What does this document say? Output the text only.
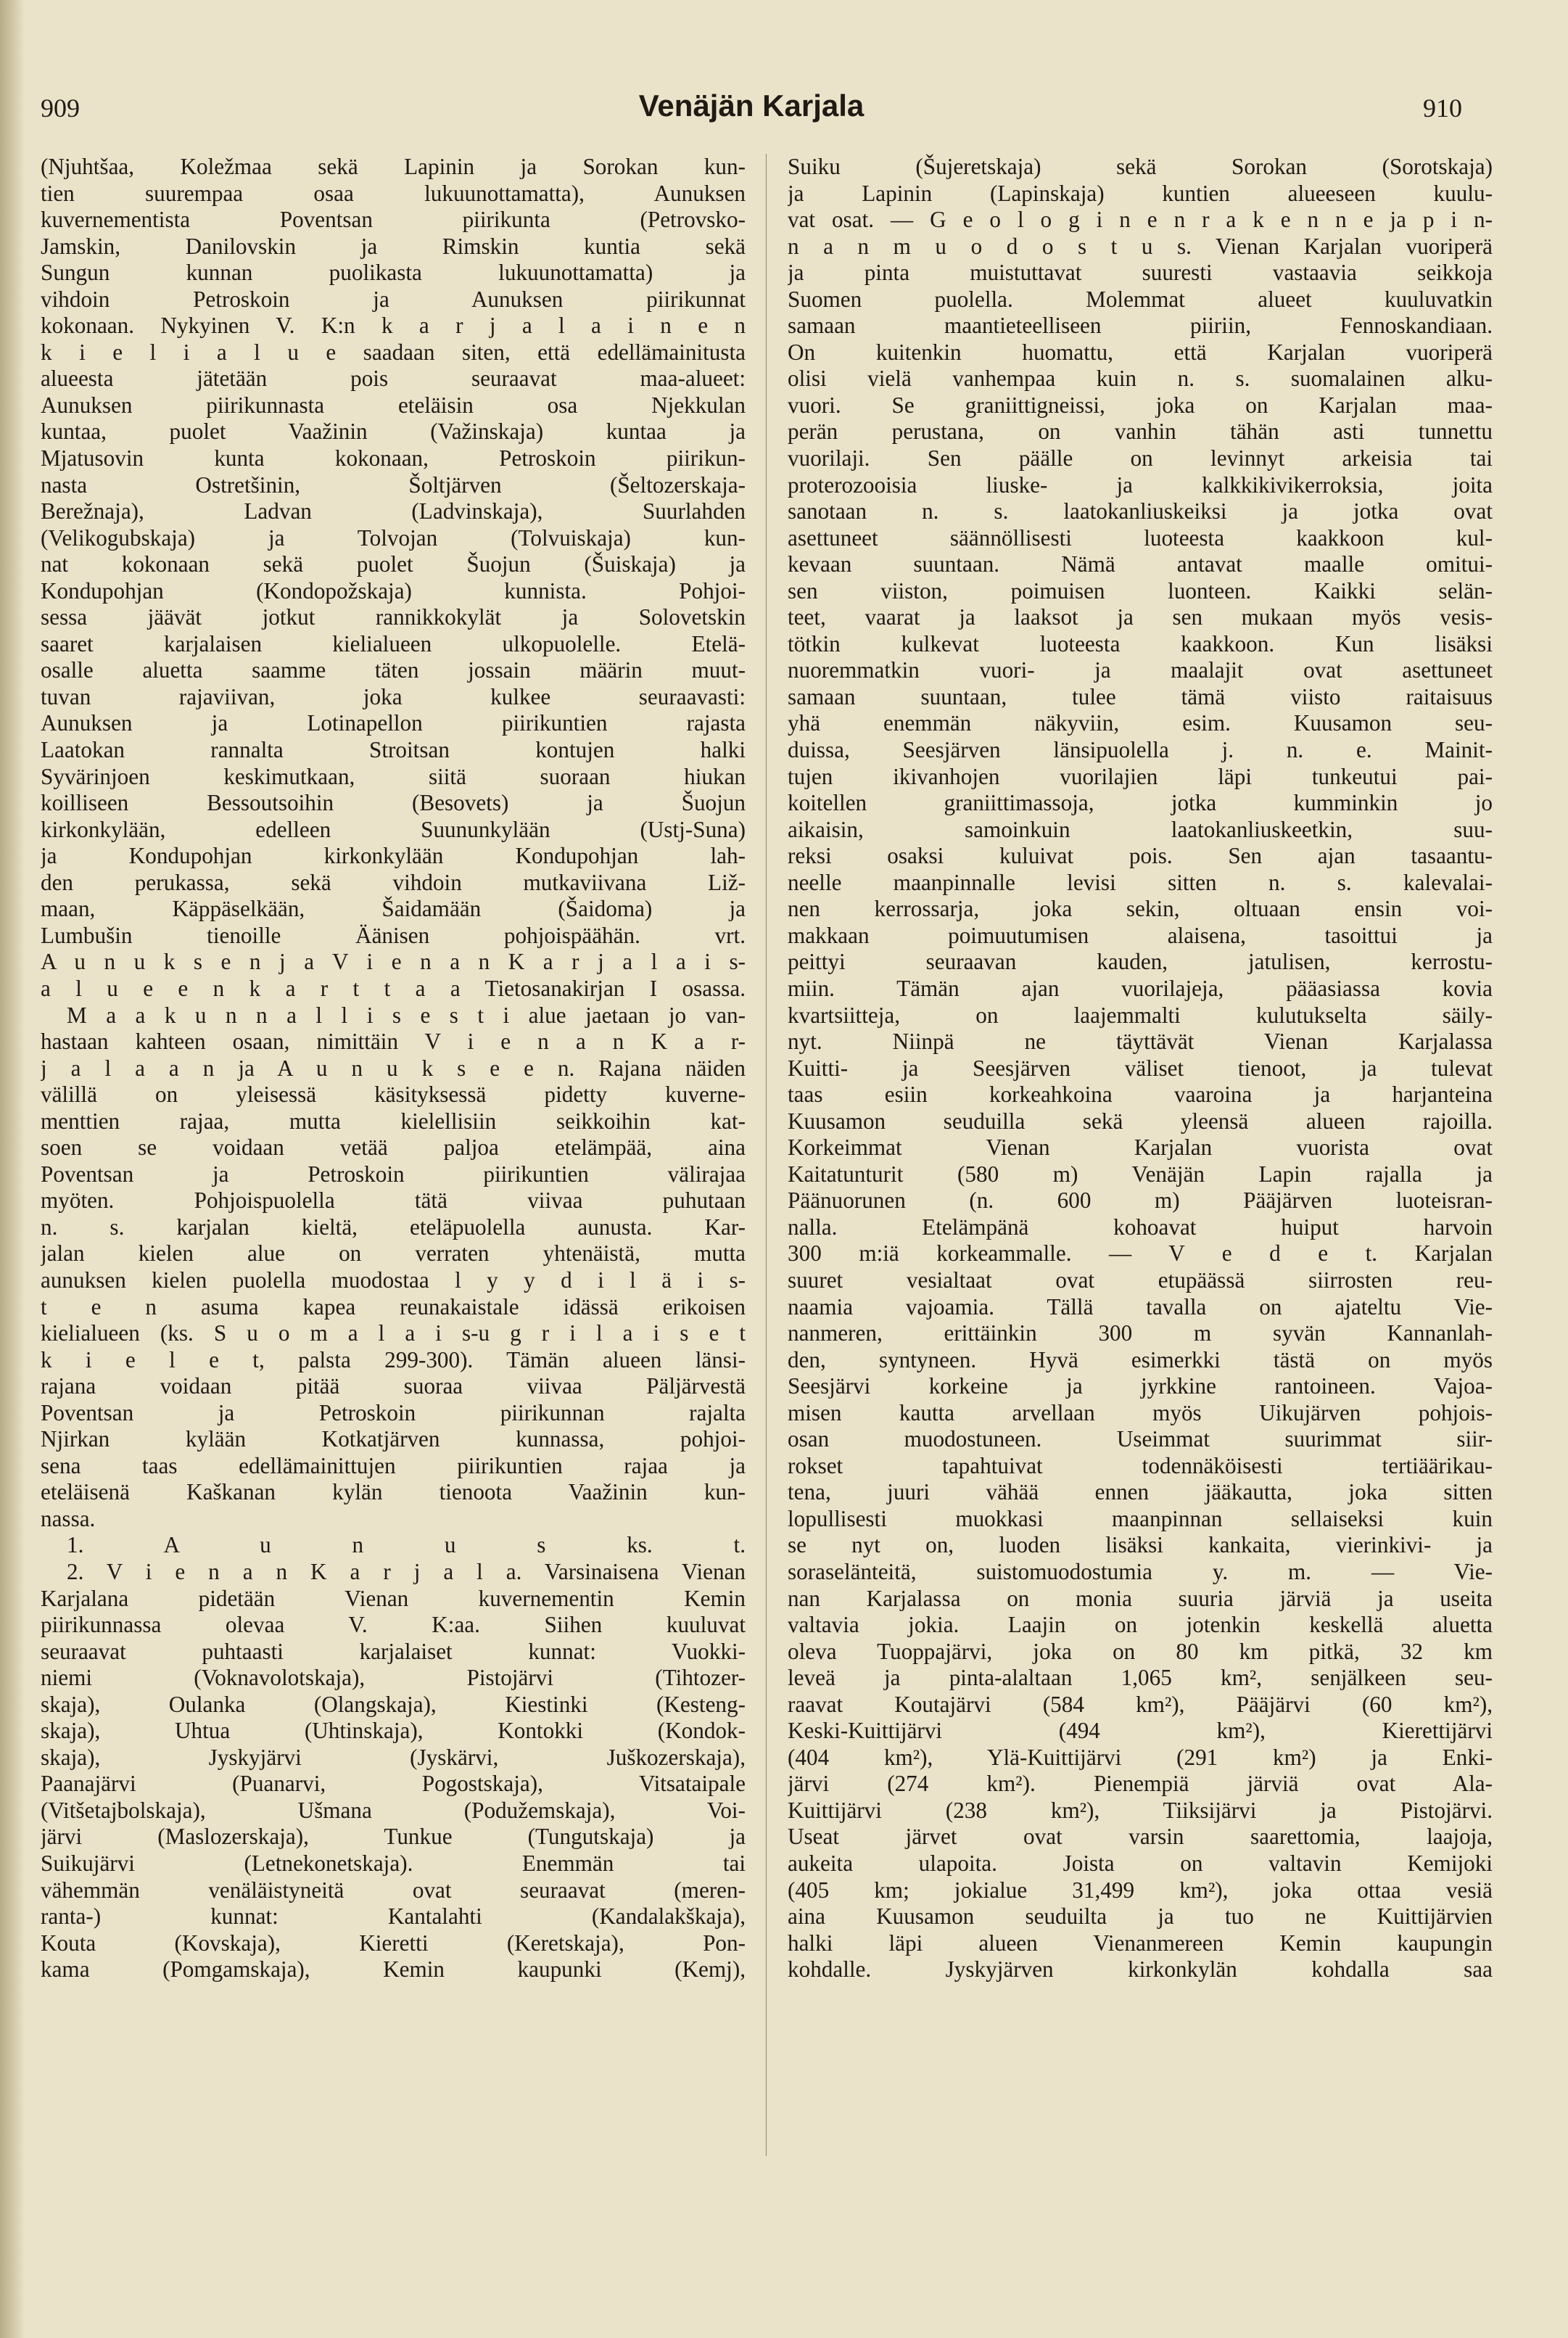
909	Venäjän Karjala	910
(Njuhtšaa, Koležmaa sekä Lapinin ja Sorokan kun-
tien suurempaa osaa lukuunottamatta), Aunuksen
kuvernementista Poventsan piirikunta (Petrovsko-
Jamskin, Danilovskin ja Rimskin kuntia sekä
Sungun kunnan puolikasta lukuunottamatta) ja
vihdoin Petroskoin ja Aunuksen piirikunnat
kokonaan. Nykyinen V. K:n k a r j a l a i n e n
k i e l i a l u e saadaan siten, että edellämainitusta
alueesta jätetään pois seuraavat maa-alueet:
Aunuksen piirikunnasta eteläisin osa Njekkulan
kuntaa, puolet Vaažinin (Važinskaja) kuntaa ja
Mjatusovin kunta kokonaan, Petroskoin piirikun-
nasta Ostretšinin, Šoltjärven (Šeltozerskaja-
Berežnaja), Ladvan (Ladvinskaja), Suurlahden
(Velikogubskaja) ja Tolvojan (Tolvuiskaja) kun-
nat kokonaan sekä puolet Šuojun (Šuiskaja) ja
Kondupohjan (Kondopožskaja) kunnista. Pohjoi-
sessa jäävät jotkut rannikkokylät ja Solovetskin
saaret karjalaisen kielialueen ulkopuolelle. Etelä-
osalle aluetta saamme täten jossain määrin muut-
tuvan rajaviivan, joka kulkee seuraavasti:
Aunuksen ja Lotinapellon piirikuntien rajasta
Laatokan rannalta Stroitsan kontujen halki
Syvärinjoen keskimutkaan, siitä suoraan hiukan
koilliseen Bessoutsoihin (Besovets) ja Šuojun
kirkonkylään, edelleen Suununkylään (Ustj-Suna)
ja Kondupohjan kirkonkylään Kondupohjan lah-
den perukassa, sekä vihdoin mutkaviivana Liž-
maan, Käppäselkään, Šaidamään (Šaidoma) ja
Lumbušin tienoille Äänisen pohjoispäähän. vrt.
A u n u k s e n j a V i e n a n K a r j a l a i s-
a l u e e n k a r t t a a Tietosanakirjan I osassa.
M a a k u n n a l l i s e s t i alue jaetaan jo van-
hastaan kahteen osaan, nimittäin V i e n a n K a r-
j a l a a n ja A u n u k s e e n. Rajana näiden
välillä on yleisessä käsityksessä pidetty kuverne-
menttien rajaa, mutta kielellisiin seikkoihin kat-
soen se voidaan vetää paljoa etelämpää, aina
Poventsan ja Petroskoin piirikuntien välirajaa
myöten. Pohjoispuolella tätä viivaa puhutaan
n. s. karjalan kieltä, eteläpuolella aunusta. Kar-
jalan kielen alue on verraten yhtenäistä, mutta
aunuksen kielen puolella muodostaa l y y d i l ä i s-
t e n asuma kapea reunakaistale idässä erikoisen
kielialueen (ks. S u o m a l a i s-u g r i l a i s e t
k i e l e t, palsta 299-300). Tämän alueen länsi-
rajana voidaan pitää suoraa viivaa Päljärvestä
Poventsan ja Petroskoin piirikunnan rajalta
Njirkan kylään Kotkatjärven kunnassa, pohjoi-
sena taas edellämainittujen piirikuntien rajaa ja
eteläisenä Kaškanan kylän tienoota Vaažinin kun-
nassa.
1. A u n u s ks. t.
2. V i e n a n K a r j a l a. Varsinaisena Vienan
Karjalana pidetään Vienan kuvernementin Kemin
piirikunnassa olevaa V. K:aa. Siihen kuuluvat
seuraavat puhtaasti karjalaiset kunnat: Vuokki-
niemi (Voknavolotskaja), Pistojärvi (Tihtozer-
skaja), Oulanka (Olangskaja), Kiestinki (Kesteng-
skaja), Uhtua (Uhtinskaja), Kontokki (Kondok-
skaja), Jyskyjärvi (Jyskärvi, Juškozerskaja),
Paanajärvi (Puanarvi, Pogostskaja), Vitsataipale
(Vitšetajbolskaja), Ušmana (Podužemskaja), Voi-
järvi (Maslozerskaja), Tunkue (Tungutskaja) ja
Suikujärvi (Letnekonetskaja). Enemmän tai
vähemmän venäläistyneitä ovat seuraavat (meren-
ranta-) kunnat: Kantalahti (Kandalakškaja),
Kouta (Kovskaja), Kieretti (Keretskaja), Pon-
kama (Pomgamskaja), Kemin kaupunki (Kemj),
Suiku (Šujeretskaja) sekä Sorokan (Sorotskaja)
ja Lapinin (Lapinskaja) kuntien alueeseen kuulu-
vat osat. — G e o l o g i n e n r a k e n n e ja p i n-
n a n m u o d o s t u s. Vienan Karjalan vuoriperä
ja pinta muistuttavat suuresti vastaavia seikkoja
Suomen puolella. Molemmat alueet kuuluvatkin
samaan maantieteelliseen piiriin, Fennoskandiaan.
On kuitenkin huomattu, että Karjalan vuoriperä
olisi vielä vanhempaa kuin n. s. suomalainen alku-
vuori. Se graniittigneissi, joka on Karjalan maa-
perän perustana, on vanhin tähän asti tunnettu
vuorilaji. Sen päälle on levinnyt arkeisia tai
proterozooisia liuske- ja kalkkikivikerroksia, joita
sanotaan n. s. laatokanliuskeiksi ja jotka ovat
asettuneet säännöllisesti luoteesta kaakkoon kul-
kevaan suuntaan. Nämä antavat maalle omitui-
sen viiston, poimuisen luonteen. Kaikki selän-
teet, vaarat ja laaksot ja sen mukaan myös vesis-
tötkin kulkevat luoteesta kaakkoon. Kun lisäksi
nuoremmatkin vuori- ja maalajit ovat asettuneet
samaan suuntaan, tulee tämä viisto raitaisuus
yhä enemmän näkyviin, esim. Kuusamon seu-
duissa, Seesjärven länsipuolella j. n. e. Mainit-
tujen ikivanhojen vuorilajien läpi tunkeutui pai-
koitellen graniittimassoja, jotka kumminkin jo
aikaisin, samoinkuin laatokanliuskeetkin, suu-
reksi osaksi kuluivat pois. Sen ajan tasaantu-
neelle maanpinnalle levisi sitten n. s. kalevalai-
nen kerrossarja, joka sekin, oltuaan ensin voi-
makkaan poimuutumisen alaisena, tasoittui ja
peittyi seuraavan kauden, jatulisen, kerrostu-
miin. Tämän ajan vuorilajeja, pääasiassa kovia
kvartsiitteja, on laajemmalti kulutukselta säily-
nyt. Niinpä ne täyttävät Vienan Karjalassa
Kuitti- ja Seesjärven väliset tienoot, ja tulevat
taas esiin korkeahkoina vaaroina ja harjanteina
Kuusamon seuduilla sekä yleensä alueen rajoilla.
Korkeimmat Vienan Karjalan vuorista ovat
Kaitatunturit (580 m) Venäjän Lapin rajalla ja
Päänuorunen (n. 600 m) Pääjärven luoteisran-
nalla. Etelämpänä kohoavat huiput harvoin
300 m:iä korkeammalle. — V e d e t. Karjalan
suuret vesialtaat ovat etupäässä siirrosten reu-
naamia vajoamia. Tällä tavalla on ajateltu Vie-
nanmeren, erittäinkin 300 m syvän Kannanlah-
den, syntyneen. Hyvä esimerkki tästä on myös
Seesjärvi korkeine ja jyrkkine rantoineen. Vajoa-
misen kautta arvellaan myös Uikujärven pohjois-
osan muodostuneen. Useimmat suurimmat siir-
rokset tapahtuivat todennäköisesti tertiäärikau-
tena, juuri vähää ennen jääkautta, joka sitten
lopullisesti muokkasi maanpinnan sellaiseksi kuin
se nyt on, luoden lisäksi kankaita, vierinkivi- ja
soraselänteitä, suistomuodostumia y. m. — Vie-
nan Karjalassa on monia suuria järviä ja useita
valtavia jokia. Laajin on jotenkin keskellä aluetta
oleva Tuoppajärvi, joka on 80 km pitkä, 32 km
leveä ja pinta-alaltaan 1,065 km², senjälkeen seu-
raavat Koutajärvi (584 km²), Pääjärvi (60 km²),
Keski-Kuittijärvi (494 km²), Kierettijärvi
(404 km²), Ylä-Kuittijärvi (291 km²) ja Enki-
järvi (274 km²). Pienempiä järviä ovat Ala-
Kuittijärvi (238 km²), Tiiksijärvi ja Pistojärvi.
Useat järvet ovat varsin saarettomia, laajoja,
aukeita ulapoita. Joista on valtavin Kemijoki
(405 km; jokialue 31,499 km²), joka ottaa vesiä
aina Kuusamon seuduilta ja tuo ne Kuittijärvien
halki läpi alueen Vienanmereen Kemin kaupungin
kohdalle. Jyskyjärven kirkonkylän kohdalla saa
